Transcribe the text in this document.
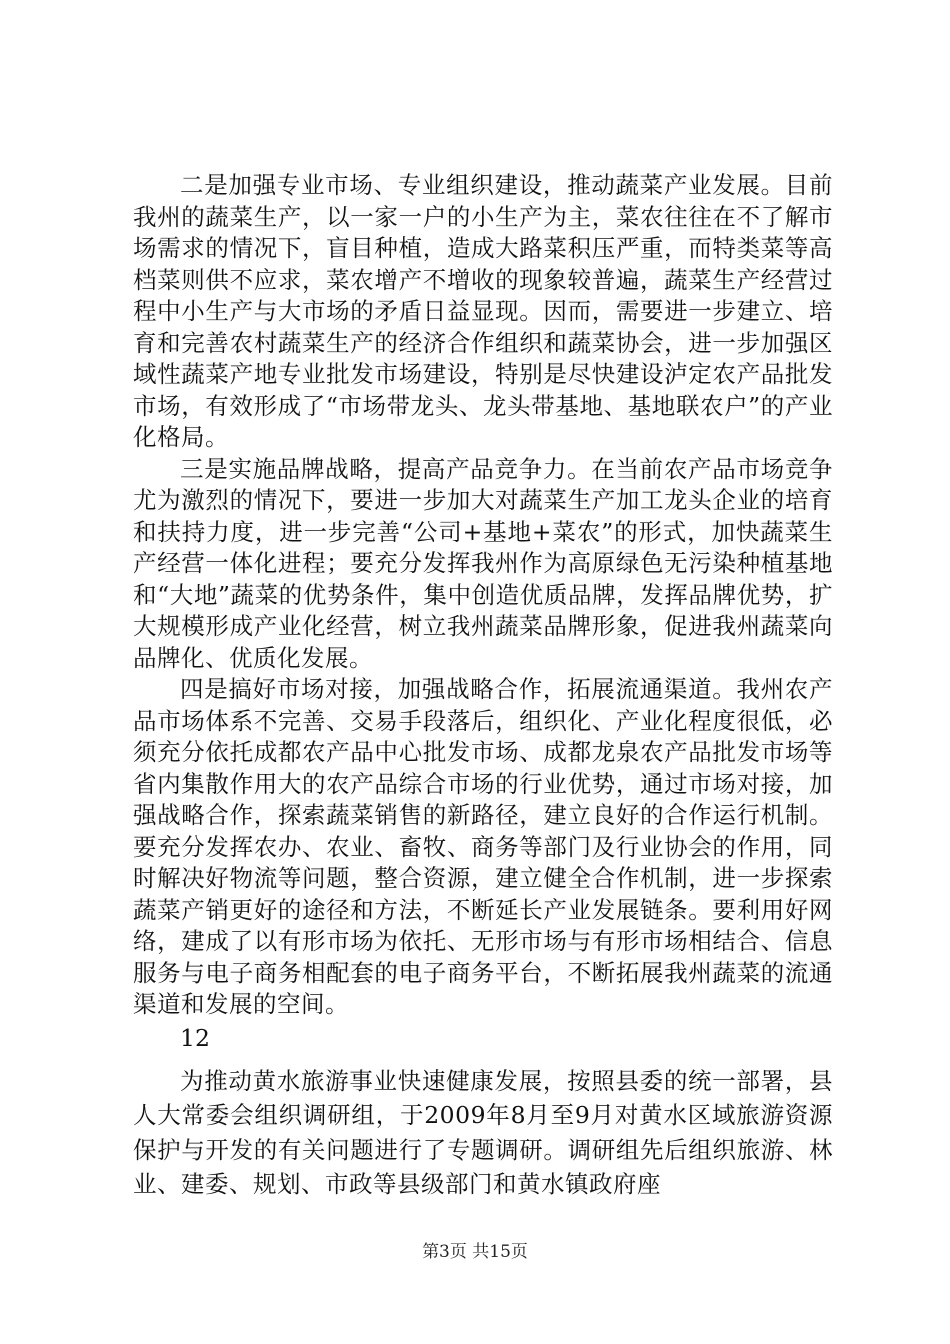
二是加强专业市场、专业组织建设，推动蔬菜产业发展。目前我州的蔬菜生产，以一家一户的小生产为主，菜农往往在不了解市场需求的情况下，盲目种植，造成大路菜积压严重，而特类菜等高档菜则供不应求，菜农增产不增收的现象较普遍，蔬菜生产经营过程中小生产与大市场的矛盾日益显现。因而，需要进一步建立、培育和完善农村蔬菜生产的经济合作组织和蔬菜协会，进一步加强区域性蔬菜产地专业批发市场建设，特别是尽快建设泸定农产品批发市场，有效形成了“市场带龙头、龙头带基地、基地联农户”的产业化格局。

三是实施品牌战略，提高产品竞争力。在当前农产品市场竞争尤为激烈的情况下，要进一步加大对蔬菜生产加工龙头企业的培育和扶持力度，进一步完善“公司+基地+菜农”的形式，加快蔬菜生产经营一体化进程；要充分发挥我州作为高原绿色无污染种植基地和“大地”蔬菜的优势条件，集中创造优质品牌，发挥品牌优势，扩大规模形成产业化经营，树立我州蔬菜品牌形象，促进我州蔬菜向品牌化、优质化发展。

四是搞好市场对接，加强战略合作，拓展流通渠道。我州农产品市场体系不完善、交易手段落后，组织化、产业化程度很低，必须充分依托成都农产品中心批发市场、成都龙泉农产品批发市场等省内集散作用大的农产品综合市场的行业优势，通过市场对接，加强战略合作，探索蔬菜销售的新路径，建立良好的合作运行机制。要充分发挥农办、农业、畜牧、商务等部门及行业协会的作用，同时解决好物流等问题，整合资源，建立健全合作机制，进一步探索蔬菜产销更好的途径和方法，不断延长产业发展链条。要利用好网络，建成了以有形市场为依托、无形市场与有形市场相结合、信息服务与电子商务相配套的电子商务平台，不断拓展我州蔬菜的流通渠道和发展的空间。

12

为推动黄水旅游事业快速健康发展，按照县委的统一部署，县人大常委会组织调研组，于2009年8月至9月对黄水区域旅游资源保护与开发的有关问题进行了专题调研。调研组先后组织旅游、林业、建委、规划、市政等县级部门和黄水镇政府座

第3页 共15页
